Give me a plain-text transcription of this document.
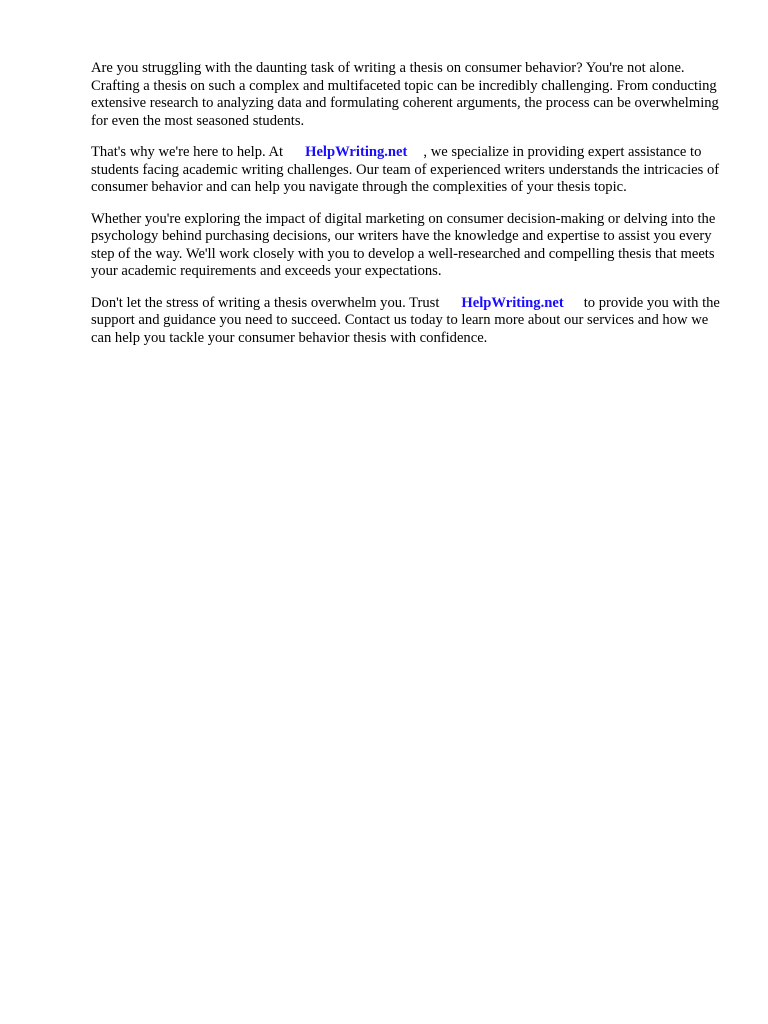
Are you struggling with the daunting task of writing a thesis on consumer behavior? You're not alone. Crafting a thesis on such a complex and multifaceted topic can be incredibly challenging. From conducting extensive research to analyzing data and formulating coherent arguments, the process can be overwhelming for even the most seasoned students.

That's why we're here to help. At HelpWriting.net , we specialize in providing expert assistance to students facing academic writing challenges. Our team of experienced writers understands the intricacies of consumer behavior and can help you navigate through the complexities of your thesis topic.

Whether you're exploring the impact of digital marketing on consumer decision-making or delving into the psychology behind purchasing decisions, our writers have the knowledge and expertise to assist you every step of the way. We'll work closely with you to develop a well-researched and compelling thesis that meets your academic requirements and exceeds your expectations.

Don't let the stress of writing a thesis overwhelm you. Trust HelpWriting.net to provide you with the support and guidance you need to succeed. Contact us today to learn more about our services and how we can help you tackle your consumer behavior thesis with confidence.
